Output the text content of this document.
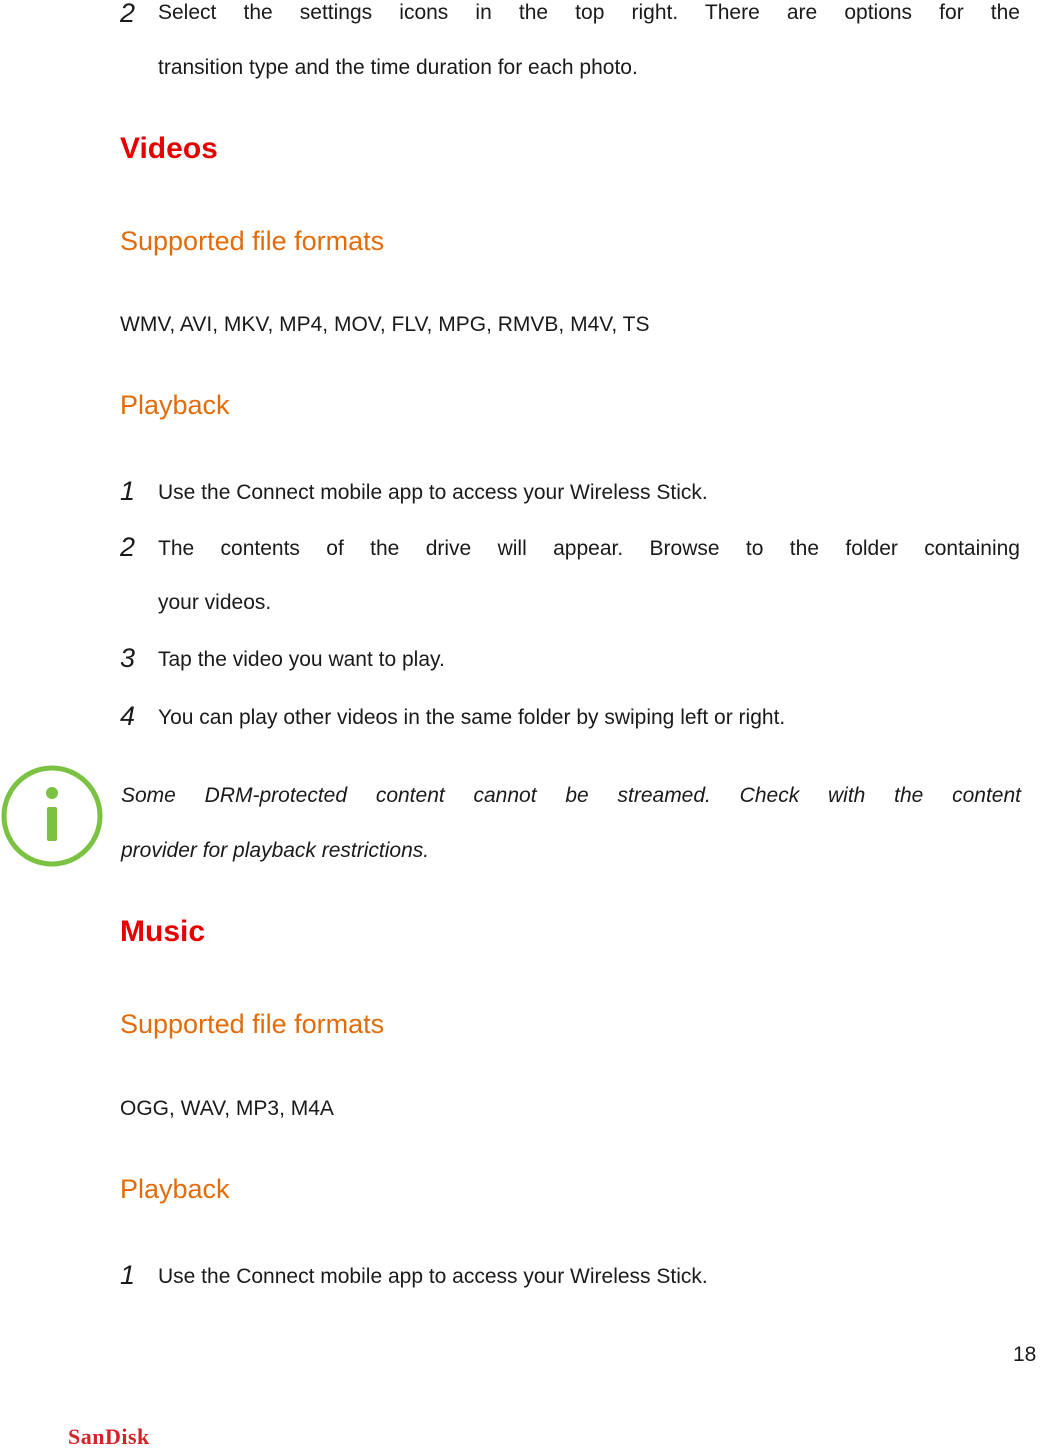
2 Select the settings icons in the top right. There are options for the
transition type and the time duration for each photo.
Videos
Supported file formats
WMV, AVI, MKV, MP4, MOV, FLV, MPG, RMVB, M4V, TS
Playback
1 Use the Connect mobile app to access your Wireless Stick.
2 The contents of the drive will appear. Browse to the folder containing
your videos.
3 Tap the video you want to play.
4 You can play other videos in the same folder by swiping left or right.
Some DRM-protected content cannot be streamed. Check with the content
provider for playback restrictions.
Music
Supported file formats
OGG, WAV, MP3, M4A
Playback
1 Use the Connect mobile app to access your Wireless Stick.
18
SanDisk
